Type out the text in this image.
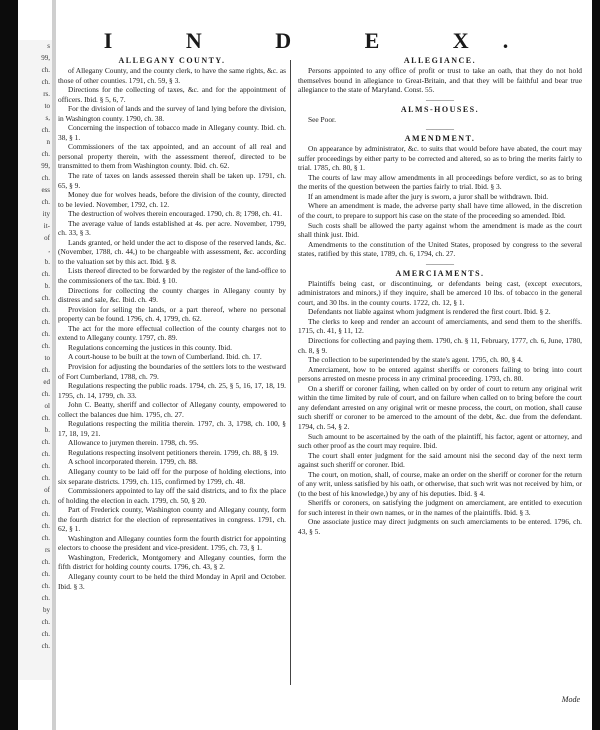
s
99,
ch.
ch.
rs.
to
s,
ch.
n
ch.
99,
ch.
ess
ch.
ity
it-
of
,
b.
ch.
b.
ch.
ch.
ch.
ch.
ch.
to
ch.
ed
ch.
ol
ch.
b.
ch.
ch.
ch.
ch.
of
ch.
ch.
ch.
ch.
rs
ch.
ch.
ch.
ch.
by
ch.
ch.
ch.
I N D E X.
ALLEGANY COUNTY.

of Allegany County, and the county clerk, to have the same rights, &c. as those of other counties. 1791, ch. 59, § 3.

Directions for the collecting of taxes, &c. and for the appointment of officers. Ibid. § 5, 6, 7.

For the division of lands and the survey of land lying before the division, in Washington county. 1790, ch. 38.

Concerning the inspection of tobacco made in Allegany county. Ibid. ch. 38, § 1.

Commissioners of the tax appointed, and an account of all real and personal property therein, with the assessment thereof, directed to be transmitted to them from Washington county. Ibid. ch. 62.

The rate of taxes on lands assessed therein shall be taken up. 1791, ch. 65, § 9.

Money due for wolves heads, before the division of the county, directed to be levied. November, 1792, ch. 12.

The destruction of wolves therein encouraged. 1790, ch. 8; 1798, ch. 41.

The average value of lands established at 4s. per acre. November, 1799, ch. 33, § 3.

Lands granted, or held under the act to dispose of the reserved lands, &c. (November, 1788, ch. 44,) to be chargeable with assessment, &c. according to the valuation set by this act. Ibid. § 8.

Lists thereof directed to be forwarded by the register of the land-office to the commissioners of the tax. Ibid. § 10.

Directions for collecting the county charges in Allegany county by distress and sale, &c. Ibid. ch. 49.

Provision for selling the lands, or a part thereof, where no personal property can be found. 1796, ch. 4, 1799, ch. 62.

The act for the more effectual collection of the county charges not to extend to Allegany county. 1797, ch. 89.

Regulations concerning the justices in this county. Ibid.

A court-house to be built at the town of Cumberland. Ibid. ch. 17.

Provision for adjusting the boundaries of the settlers lots to the westward of Fort Cumberland, 1788, ch. 79.

Regulations respecting the public roads. 1794, ch. 25, § 5, 16, 17, 18, 19. 1795, ch. 14, 1799, ch. 33.

John C. Beatty, sheriff and collector of Allegany county, empowered to collect the balances due him. 1795, ch. 27.

Regulations respecting the militia therein. 1797, ch. 3, 1798, ch. 100, § 17, 18, 19, 21.

Allowance to jurymen therein. 1798, ch. 95.

Regulations respecting insolvent petitioners therein. 1799, ch. 88, § 19.

A school incorporated therein. 1799, ch. 88.

Allegany county to be laid off for the purpose of holding elections, into six separate districts. 1799, ch. 115, confirmed by 1799, ch. 48.

Commissioners appointed to lay off the said districts, and to fix the place of holding the election in each. 1799, ch. 50, § 20.

Part of Frederick county, Washington county and Allegany county, form the fourth district for the election of representatives in congress. 1791, ch. 62, § 1.

Washington and Allegany counties form the fourth district for appointing electors to choose the president and vice-president. 1795, ch. 73, § 1.

Washington, Frederick, Montgomery and Allegany counties, form the fifth district for holding county courts. 1796, ch. 43, § 2.

Allegany county court to be held the third Monday in April and October. Ibid. § 3.

ALLEGIANCE.

Persons appointed to any office of profit or trust to take an oath, that they do not hold themselves bound in allegiance to Great-Britain, and that they will be faithful and bear true allegiance to the state of Maryland. Const. 55.

————
ALMS-HOUSES.

See Poor.

————
AMENDMENT.

On appearance by administrator, &c. to suits that would before have abated, the court may suffer proceedings by either party to be corrected and altered, so as to bring the merits fairly to trial. 1785, ch. 80, § 1.

The courts of law may allow amendments in all proceedings before verdict, so as to bring the merits of the question between the parties fairly to trial. Ibid. § 3.

If an amendment is made after the jury is sworn, a juror shall be withdrawn. Ibid.

Where an amendment is made, the adverse party shall have time allowed, in the discretion of the court, to prepare to support his case on the state of the proceeding so amended. Ibid.

Such costs shall be allowed the party against whom the amendment is made as the court shall think just. Ibid.

Amendments to the constitution of the United States, proposed by congress to the several states, ratified by this state, 1789, ch. 6, 1794, ch. 27.

————
AMERCIAMENTS.

Plaintiffs being cast, or discontinuing, or defendants being cast, (except executors, administrators and minors,) if they inquire, shall be amerced 10 lbs. of tobacco in the general court, and 30 lbs. in the county courts. 1722, ch. 12, § 1.

Defendants not liable against whom judgment is rendered the first court. Ibid. § 2.

The clerks to keep and render an account of amerciaments, and send them to the sheriffs. 1715, ch. 41, § 11, 12.

Directions for collecting and paying them. 1790, ch. § 11, February, 1777, ch. 6, June, 1780, ch. 8, § 9.

The collection to be superintended by the state's agent. 1795, ch. 80, § 4.

Amerciament, how to be entered against sheriffs or coroners failing to bring into court persons arrested on mesne process in any criminal proceeding. 1793, ch. 80.

On a sheriff or coroner failing, when called on by order of court to return any original writ within the time limited by rule of court, and on failure when called on to bring before the court any defendant arrested on any original writ or mesne process, the court, on motion, shall cause such sheriff or coroner to be amerced to the amount of the debt, &c. due from the defendant. 1794, ch. 54, § 2.

Such amount to be ascertained by the oath of the plaintiff, his factor, agent or attorney, and such other proof as the court may require. Ibid.

The court shall enter judgment for the said amount nisi the second day of the next term against such sheriff or coroner. Ibid.

The court, on motion, shall, of course, make an order on the sheriff or coroner for the return of any writ, unless satisfied by his oath, or otherwise, that such writ was not received by him, or (to the best of his knowledge,) by any of his deputies. Ibid. § 4.

Sheriffs or coroners, on satisfying the judgment on amerciament, are entitled to execution for such interest in their own names, or in the names of the plaintiffs. Ibid. § 3.

One associate justice may direct judgments on such amerciaments to be entered. 1796, ch. 43, § 5.

Mode
